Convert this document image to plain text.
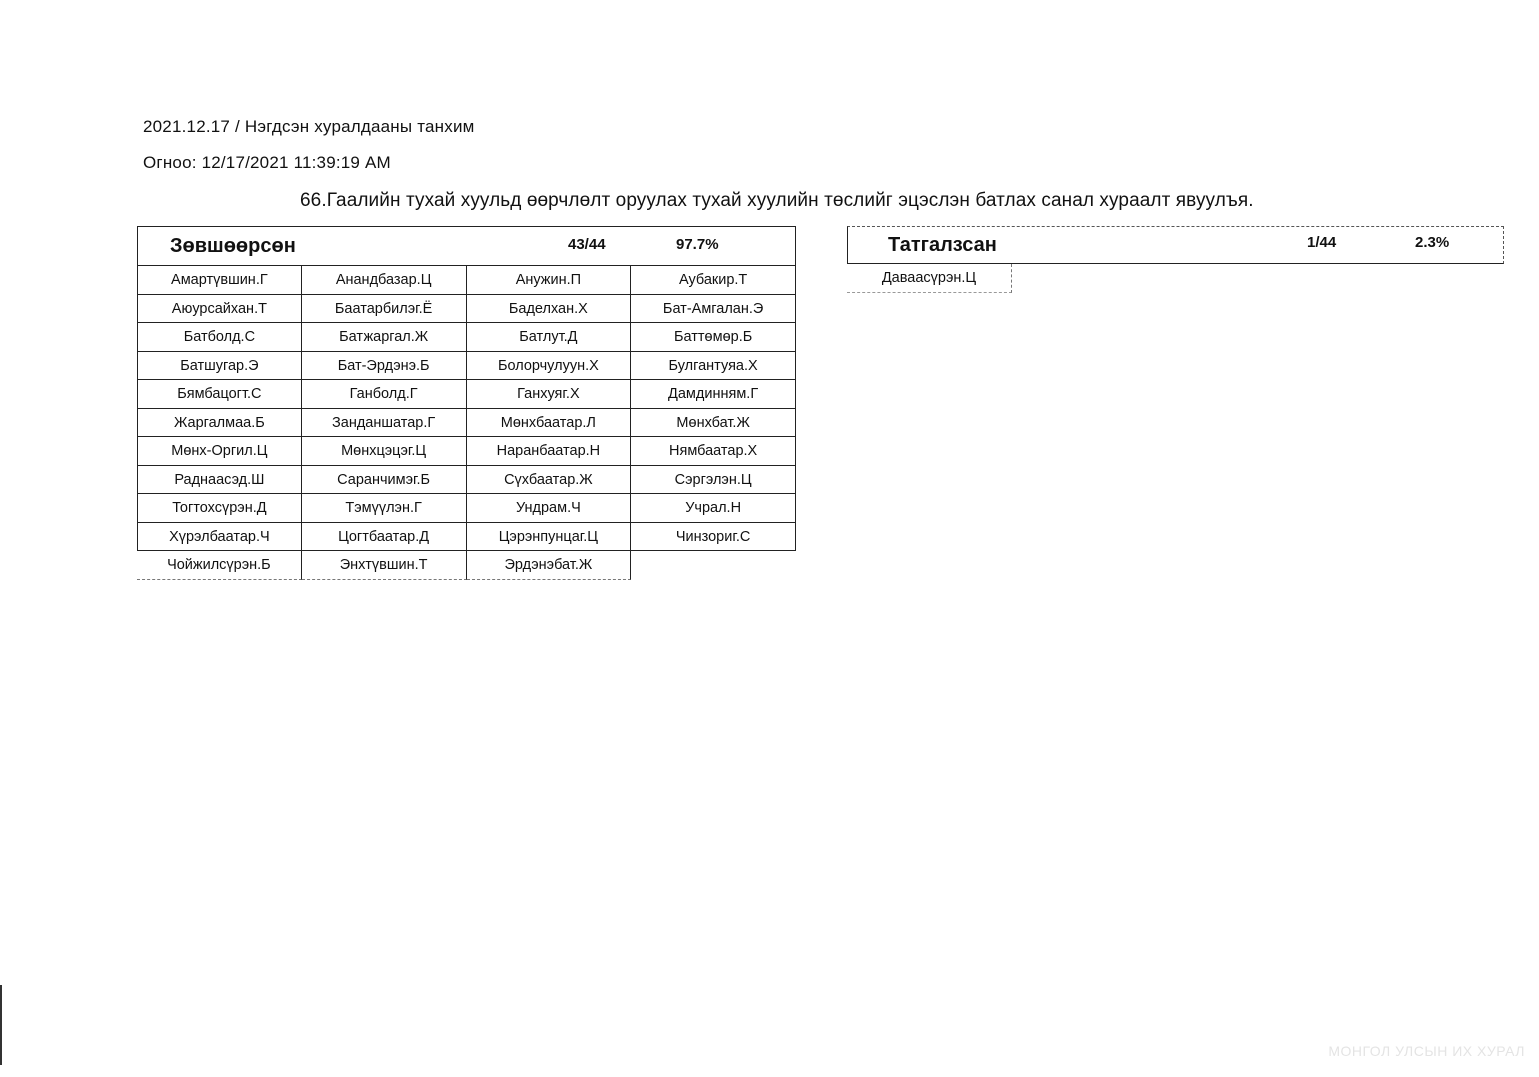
2021.12.17 / Нэгдсэн хуралдааны танхим
Огноо: 12/17/2021 11:39:19 AM
66.Гаалийн тухай хуульд өөрчлөлт оруулах тухай хуулийн төслийг эцэслэн батлах санал хураалт явуулъя.
Зөвшөөрсөн	43/44	97.7%
Амартүвшин.Г	Анандбазар.Ц	Анужин.П	Аубакир.Т
Аюурсайхан.Т	Баатарбилэг.Ё	Баделхан.Х	Бат-Амгалан.Э
Батболд.С	Батжаргал.Ж	Батлут.Д	Баттөмөр.Б
Батшугар.Э	Бат-Эрдэнэ.Б	Болорчулуун.Х	Булгантуяа.Х
Бямбацогт.С	Ганболд.Г	Ганхуяг.Х	Дамдинням.Г
Жаргалмаа.Б	Занданшатар.Г	Мөнхбаатар.Л	Мөнхбат.Ж
Мөнх-Оргил.Ц	Мөнхцэцэг.Ц	Наранбаатар.Н	Нямбаатар.Х
Раднаасэд.Ш	Саранчимэг.Б	Сүхбаатар.Ж	Сэргэлэн.Ц
Тогтохсүрэн.Д	Тэмүүлэн.Г	Ундрам.Ч	Учрал.Н
Хүрэлбаатар.Ч	Цогтбаатар.Д	Цэрэнпунцаг.Ц	Чинзориг.С
Чойжилсүрэн.Б	Энхтүвшин.Т	Эрдэнэбат.Ж
Татгалзсан	1/44	2.3%
Даваасүрэн.Ц
МОНГОЛ УЛСЫН ИХ ХУРАЛ
